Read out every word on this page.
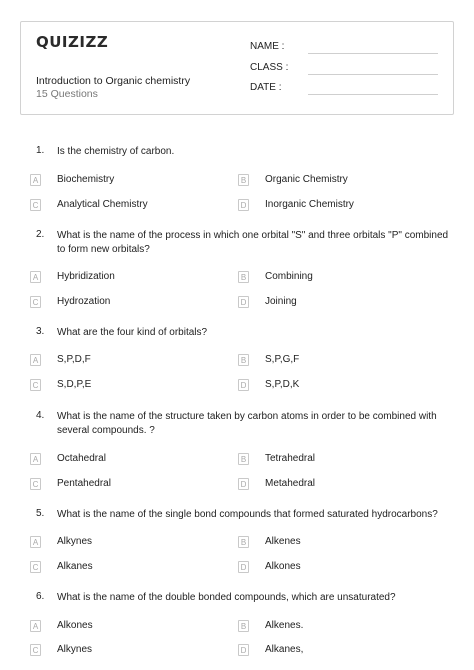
QUIZIZZ
Introduction to Organic chemistry
15 Questions
NAME :
CLASS :
DATE :
1.	Is the chemistry of carbon.
A Biochemistry	B Organic Chemistry
C Analytical Chemistry	D Inorganic Chemistry
2.	What is the name of the process in which one orbital "S" and three orbitals "P" combined to form new orbitals?
A Hybridization	B Combining
C Hydrozation	D Joining
3.	What are the four kind of orbitals?
A S,P,D,F	B S,P,G,F
C S,D,P,E	D S,P,D,K
4.	What is the name of the structure taken by carbon atoms in order to be combined with several compounds. ?
A Octahedral	B Tetrahedral
C Pentahedral	D Metahedral
5.	What is the name of the single bond compounds that formed saturated hydrocarbons?
A Alkynes	B Alkenes
C Alkanes	D Alkones
6.	What is the name of the double bonded compounds, which are unsaturated?
A Alkones	B Alkenes.
C Alkynes	D Alkanes,
